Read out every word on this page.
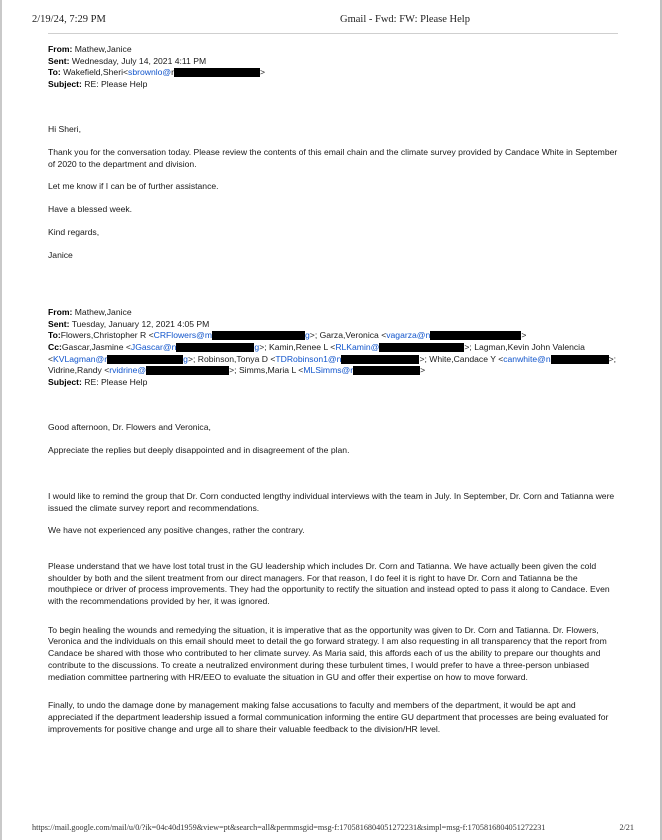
2/19/24, 7:29 PM	Gmail - Fwd: FW: Please Help
From: Mathew,Janice
Sent: Wednesday, July 14, 2021 4:11 PM
To: Wakefield,Sheri<sbrownlo@r	>
Subject: RE: Please Help

Hi Sheri,

Thank you for the conversation today. Please review the contents of this email chain and the climate survey provided by Candace White in September of 2020 to the department and division.

Let me know if I can be of further assistance.

Have a blessed week.

Kind regards,

Janice

From: Mathew,Janice
Sent: Tuesday, January 12, 2021 4:05 PM
To:Flowers,Christopher R <CRFlowers@m	g>; Garza,Veronica <vagarza@n	>
Cc:Gascar,Jasmine <JGascar@n	g>; Kamin,Renee L <RLKamin@	>; Lagman,Kevin John Valencia <KVLagman@r	g>; Robinson,Tonya D <TDRobinson1@n	>; White,Candace Y <canwhite@n	>; Vidrine,Randy <rvidrine@	>; Simms,Maria L <MLSimms@r	>
Subject: RE: Please Help

Good afternoon, Dr. Flowers and Veronica,

Appreciate the replies but deeply disappointed and in disagreement of the plan.

I would like to remind the group that Dr. Corn conducted lengthy individual interviews with the team in July. In September, Dr. Corn and Tatianna were issued the climate survey report and recommendations.

We have not experienced any positive changes, rather the contrary.

Please understand that we have lost total trust in the GU leadership which includes Dr. Corn and Tatianna. We have actually been given the cold shoulder by both and the silent treatment from our direct managers. For that reason, I do feel it is right to have Dr. Corn and Tatianna be the mouthpiece or driver of process improvements. They had the opportunity to rectify the situation and instead opted to pass it along to Candace. Even with the recommendations provided by her, it was ignored.

To begin healing the wounds and remedying the situation, it is imperative that as the opportunity was given to Dr. Corn and Tatianna. Dr. Flowers, Veronica and the individuals on this email should meet to detail the go forward strategy. I am also requesting in all transparency that the report from Candace be shared with those who contributed to her climate survey. As Maria said, this affords each of us the ability to prepare our thoughts and contribute to the discussions. To create a neutralized environment during these turbulent times, I would prefer to have a three-person unbiased mediation committee partnering with HR/EEO to evaluate the situation in GU and offer their expertise on how to move forward.

Finally, to undo the damage done by management making false accusations to faculty and members of the department, it would be apt and appreciated if the department leadership issued a formal communication informing the entire GU department that processes are being evaluated for improvements for positive change and urge all to share their valuable feedback to the division/HR level.

https://mail.google.com/mail/u/0/?ik=04c40d1959&view=pt&search=all&permmsgid=msg-f:1705816804051272231&simpl=msg-f:1705816804051272231	2/21
